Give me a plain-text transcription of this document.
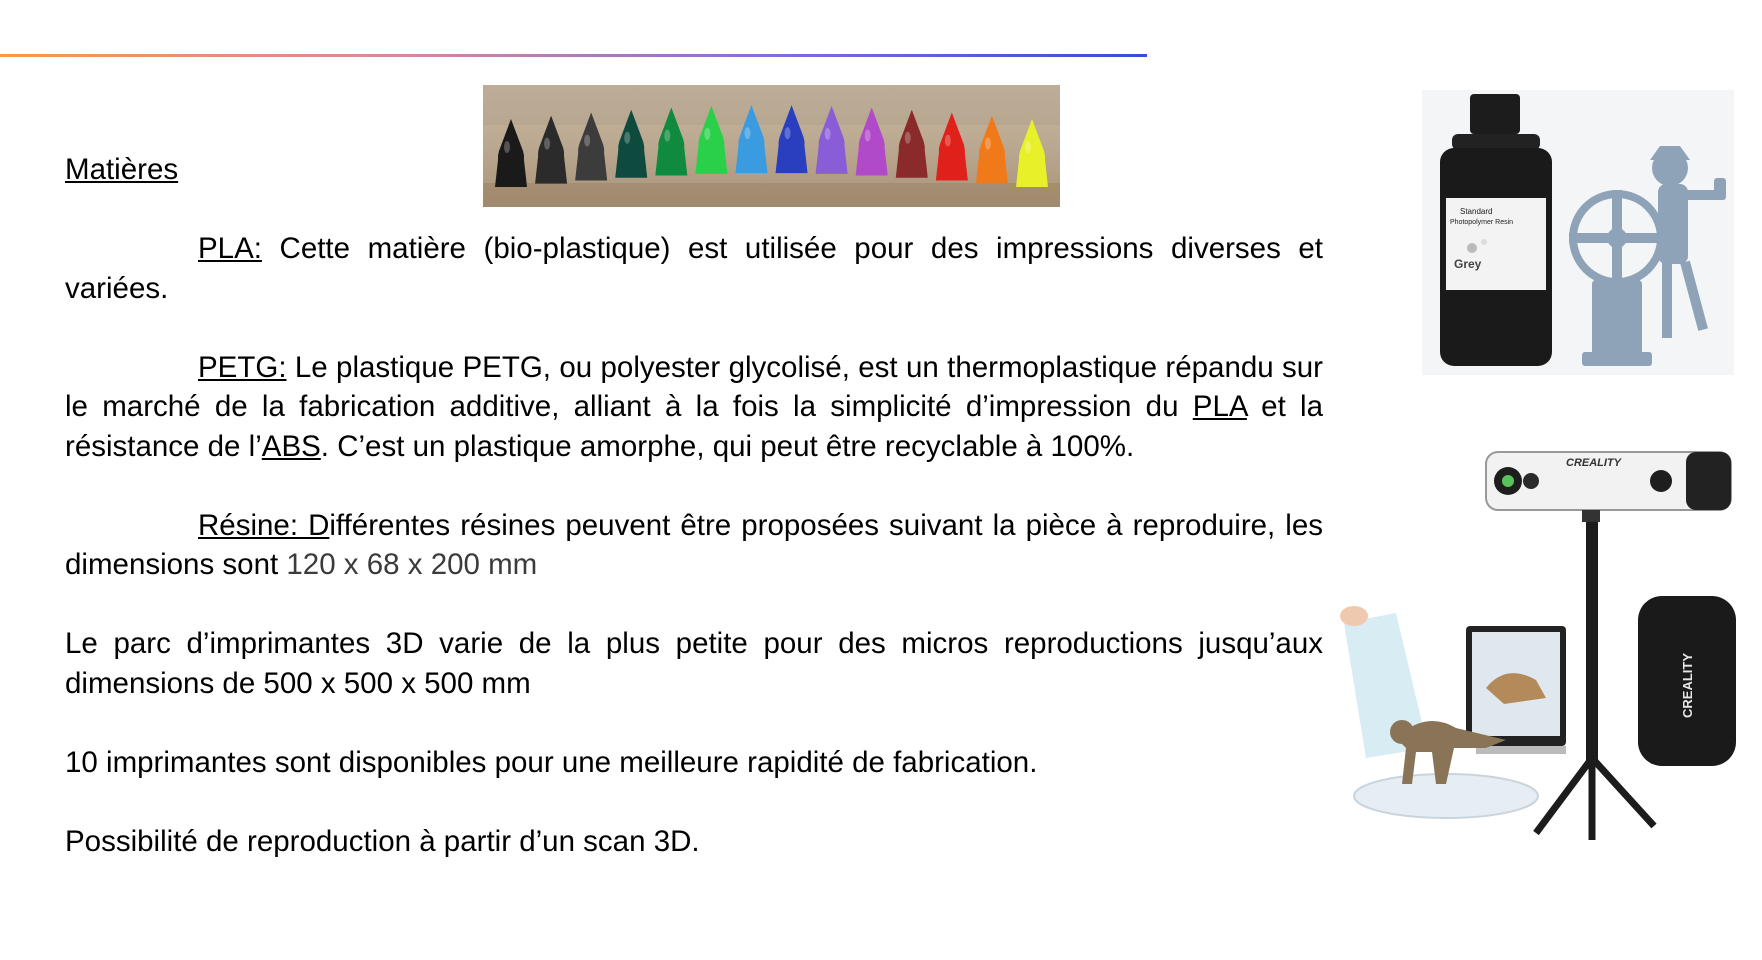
Matières

PLA: Cette matière (bio-plastique) est utilisée pour des impressions diverses et variées.

PETG: Le plastique PETG, ou polyester glycolisé, est un thermoplastique répandu sur le marché de la fabrication additive, alliant à la fois la simplicité d’impression du PLA et la résistance de l’ABS. C’est un plastique amorphe, qui peut être recyclable à 100%.

Résine: Différentes résines peuvent être proposées suivant la pièce à reproduire, les dimensions sont 120 x 68 x 200 mm

Le parc d’imprimantes 3D varie de la plus petite pour des micros reproductions jusqu’aux dimensions de 500 x 500 x 500 mm

10 imprimantes sont disponibles pour une meilleure rapidité de fabrication.

Possibilité de reproduction à partir d’un scan 3D.

Standard
Photopolymer Resin
Grey
CREALITY
CREALITY
